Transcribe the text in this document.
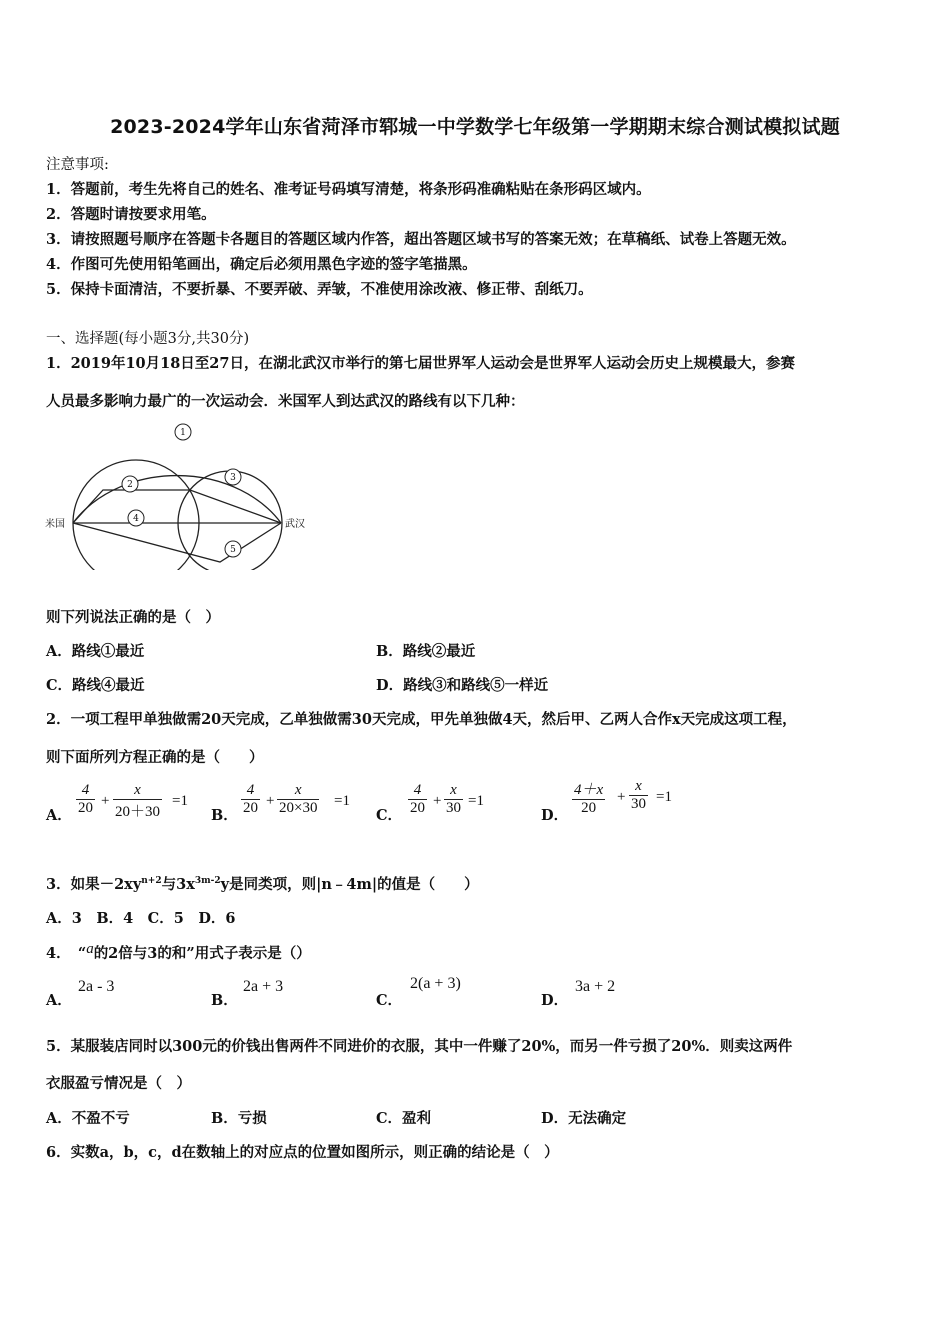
2023-2024学年山东省菏泽市郓城一中学数学七年级第一学期期末综合测试模拟试题
注意事项:
1．答题前，考生先将自己的姓名、准考证号码填写清楚，将条形码准确粘贴在条形码区域内。
2．答题时请按要求用笔。
3．请按照题号顺序在答题卡各题目的答题区域内作答，超出答题区域书写的答案无效；在草稿纸、试卷上答题无效。
4．作图可先使用铅笔画出，确定后必须用黑色字迹的签字笔描黑。
5．保持卡面清洁，不要折暴、不要弄破、弄皱，不准使用涂改液、修正带、刮纸刀。
一、选择题(每小题3分,共30分)
1．2019年10月18日至27日，在湖北武汉市举行的第七届世界军人运动会是世界军人运动会历史上规模最大，参赛
人员最多影响力最广的一次运动会．米国军人到达武汉的路线有以下几种：
1
2
3
4
5
米国	武汉
则下列说法正确的是（　）
A．路线①最近	B．路线②最近
C．路线④最近	D．路线③和路线⑤一样近
2．一项工程甲单独做需20天完成，乙单独做需30天完成，甲先单独做4天，然后甲、乙两人合作x天完成这项工程，
则下面所列方程正确的是（　　）
A． $\frac{4}{20} + \frac{x}{20+30} =1$
B． $\frac{4}{20} + \frac{x}{20\times 30} =1$
C． $\frac{4}{20} + \frac{x}{30} =1$
D． $\frac{4+x}{20} + \frac{x}{30} =1$
3．如果$-2xy^{n+2}$与$3x^{3m-2}y$是同类项，则|n﹣4m|的值是（　　）
A．3　B．4　C．5　D．6
4．　“a的2倍与3的和”用式子表示是（）
A．
2a - 3
B．
2a + 3
C．
2(a + 3)
D．
3a + 2
5．某服装店同时以300元的价钱出售两件不同进价的衣服，其中一件赚了20%，而另一件亏损了20%．则卖这两件
衣服盈亏情况是（　）
A．不盈不亏	B．亏损	C．盈利	D．无法确定
6．实数a，b，c，d在数轴上的对应点的位置如图所示，则正确的结论是（　）
